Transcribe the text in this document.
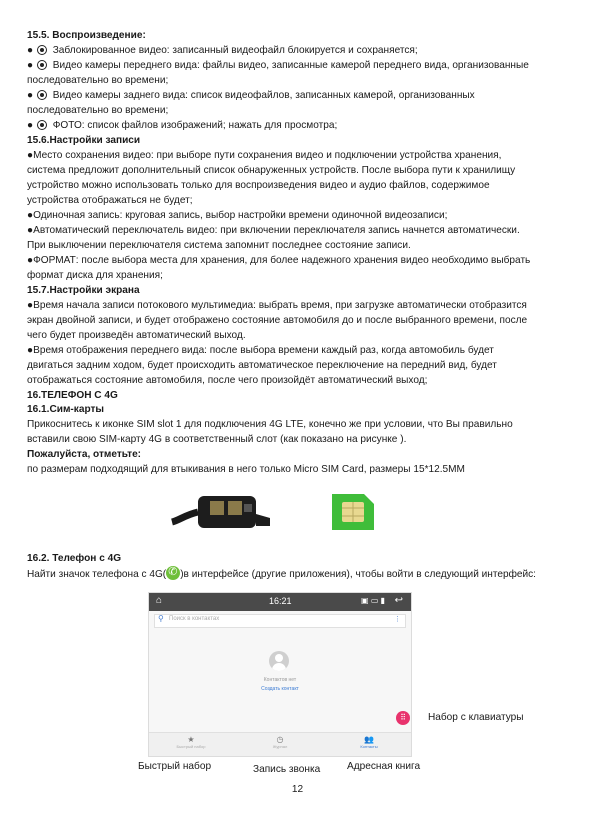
15.5. Воспроизведение:
●  Заблокированное видео: записанный видеофайл блокируется и сохраняется;
●  Видео камеры переднего вида: файлы видео, записанные камерой переднего вида, организованные
последовательно во времени;
●  Видео камеры заднего вида: список видеофайлов, записанных камерой, организованных
последовательно во времени;
●  ФОТО: список файлов изображений; нажать для просмотра;
15.6.Настройки записи
●Место сохранения видео: при выборе пути сохранения видео и подключении устройства хранения,
система предложит дополнительный список обнаруженных устройств. После выбора пути к хранилищу
устройство можно использовать только для воспроизведения видео и аудио файлов, содержимое
устройства отображаться не будет;
●Одиночная запись: круговая запись, выбор настройки времени одиночной видеозаписи;
●Автоматический переключатель видео: при включении переключателя запись начнется автоматически.
При выключении переключателя система запомнит последнее состояние записи.
●ФОРМАТ: после выбора места для хранения, для более надежного хранения видео необходимо выбрать
формат диска для хранения;
15.7.Настройки экрана
●Время начала записи потокового мультимедиа: выбрать время, при загрузке автоматически отобразится
экран двойной записи, и будет отображено состояние автомобиля до и после выбранного времени, после
чего будет произведён автоматический выход.
●Время отображения переднего вида: после выбора времени каждый раз, когда автомобиль будет
двигаться задним ходом, будет происходить автоматическое переключение на передний вид, будет
отображаться состояние автомобиля, после чего произойдёт автоматический выход;
16.ТЕЛЕФОН С 4G
16.1.Сим-карты
Прикоснитесь к иконке SIM slot 1 для подключения 4G LTE, конечно же при условии, что Вы правильно
вставили свою SIM-карту 4G в соответственный слот (как показано на рисунке ).
Пожалуйста, отметьте:
по размерам подходящий для втыкивания в него только Micro SIM Card, размеры 15*12.5MM
16.2. Телефон с 4G
Найти значок телефона с 4G(✆ )в интерфейсе (другие приложения), чтобы войти в следующий интерфейс:
⌂	16:21	↩
▣ ▭ ▮
⚲ Поиск в контактах	⋮
Контактов нет
Создать контакт
★
Быстрый набор
◷
Журнал
👥
Контакты
⠿	Набор с клавиатуры
Быстрый набор	Запись звонка	Адресная книга
12
